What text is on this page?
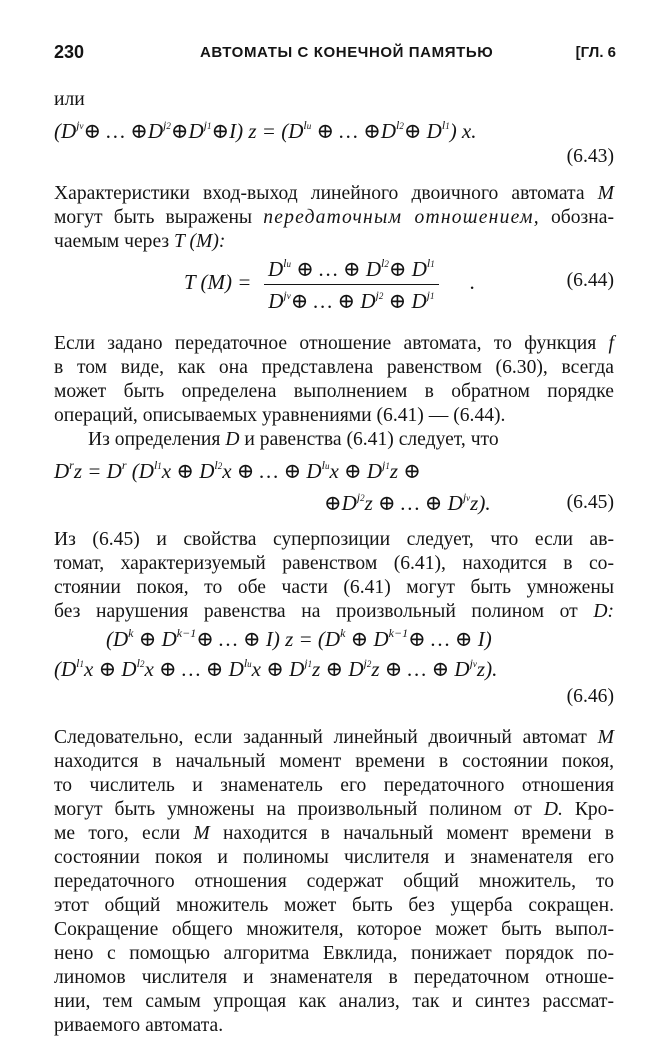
230	АВТОМАТЫ С КОНЕЧНОЙ ПАМЯТЬЮ	[ГЛ. 6
или
($D^{jv}\oplus$ … $\oplus D^{j2}\oplus D^{j1}\oplus I$) $z = (D^{lu}$ ⊕ … $\oplus D^{l2}\oplus$ $D^{l1}$) x.
(6.43)
Характеристики вход-выход линейного двоичного автомата M
могут быть выражены передаточным отношением, обозна-
чаемым через T (M):
T (M) =
$D^{lu}$ ⊕ … ⊕ $D^{l2}\oplus$ $D^{l1}$
$D^{jv}\oplus$ … ⊕ $D^{j2}$ ⊕ $D^{j1}$
.	(6.44)
Если задано передаточное отношение автомата, то функция f
в том виде, как она представлена равенством (6.30), всегда
может быть определена выполнением в обратном порядке
операций, описываемых уравнениями (6.41) — (6.44).
Из определения D и равенства (6.41) следует, что
$D^rz = D^r$ ($D^{l1}x$ ⊕ $D^{l2}x$ ⊕ … ⊕ $D^{lu}x$ ⊕ $D^{j1}z$ ⊕
$\oplus D^{j2}z$ ⊕ … ⊕ $D^{jv}z$).	(6.45)
Из (6.45) и свойства суперпозиции следует, что если ав-
томат, характеризуемый равенством (6.41), находится в со-
стоянии покоя, то обе части (6.41) могут быть умножены
без нарушения равенства на произвольный полином от D:
($D^k$ ⊕ $D^{k-1}\oplus$ … ⊕ I) $z = (D^k$ ⊕ $D^{k-1}\oplus$ … ⊕ I)
($D^{l1}x$ ⊕ $D^{l2}x$ ⊕ … ⊕ $D^{lu}x$ ⊕ $D^{j1}z$ ⊕ $D^{j2}z$ ⊕ … ⊕ $D^{jv}z$).
(6.46)
Следовательно, если заданный линейный двоичный автомат M
находится в начальный момент времени в состоянии покоя,
то числитель и знаменатель его передаточного отношения
могут быть умножены на произвольный полином от D. Кро-
ме того, если M находится в начальный момент времени в
состоянии покоя и полиномы числителя и знаменателя его
передаточного отношения содержат общий множитель, то
этот общий множитель может быть без ущерба сокращен.
Сокращение общего множителя, которое может быть выпол-
нено с помощью алгоритма Евклида, понижает порядок по-
линомов числителя и знаменателя в передаточном отноше-
нии, тем самым упрощая как анализ, так и синтез рассмат-
риваемого автомата.
